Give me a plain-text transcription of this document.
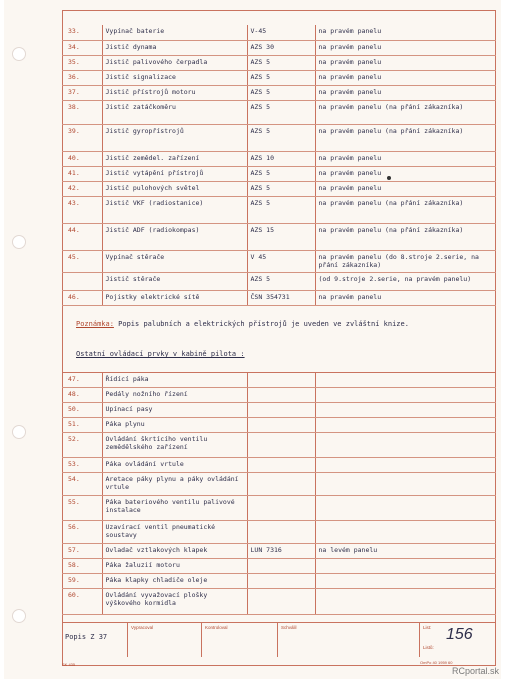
33.	Vypínač baterie	V-45	na pravém panelu
34.	Jistič dynama	AZS 30	na pravém panelu
35.	Jistič palivového čerpadla	AZS 5	na pravém panelu
36.	Jistič signalizace	AZS 5	na pravém panelu
37.	Jistič přístrojů motoru	AZS 5	na pravém panelu
38.	Jistič zatáčkoměru	AZS 5	na pravém panelu (na přání zákazníka)
39.	Jistič gyropřístrojů	AZS 5	na pravém panelu (na přání zákazníka)
40.	Jistič zemědel. zařízení	AZS 10	na pravém panelu
41.	Jistič vytápění přístrojů	AZS 5	na pravém panelu
42.	Jistič pulohových světel	AZS 5	na pravém panelu
43.	Jistič VKF (radiostanice)	AZS 5	na pravém panelu (na přání zákazníka)
44.	Jistič ADF (radiokompas)	AZS 15	na pravém panelu (na přání zákazníka)
45.	Vypínač stěrače	V 45	na pravém panelu (do 8.stroje 2.serie, na přání zákazníka)
	Jistič stěrače	AZS 5	(od 9.stroje 2.serie, na pravém panelu)
46.	Pojistky elektrické sítě	ČSN 354731	na pravém panelu
Poznámka: Popis palubních a elektrických přístrojů je uveden ve zvláštní knize.
Ostatní ovládací prvky v kabině pilota :
47.	Řídící páka		
48.	Pedály nožního řízení		
50.	Upínací pasy		
51.	Páka plynu		
52.	Ovládání škrtícího ventilu zemědělského zařízení		
53.	Páka ovládání vrtule		
54.	Aretace páky plynu a páky ovládání vrtule		
55.	Páka bateriového ventilu palivové instalace		
56.	Uzavírací ventil pneumatické soustavy		
57.	Ovladač vztlakových klapek	LUN 7316	na levém panelu
58.	Páka žaluzií motoru		
59.	Páka klapky chladiče oleje		
60.	Ovládání vyvažovací plošky výškového kormidla		
Popis Z 37
Vypracoval	Kontroloval	Schválil	List:
Listů:
156
SK 435	OmPo 40 1959 60
RCportal.sk
